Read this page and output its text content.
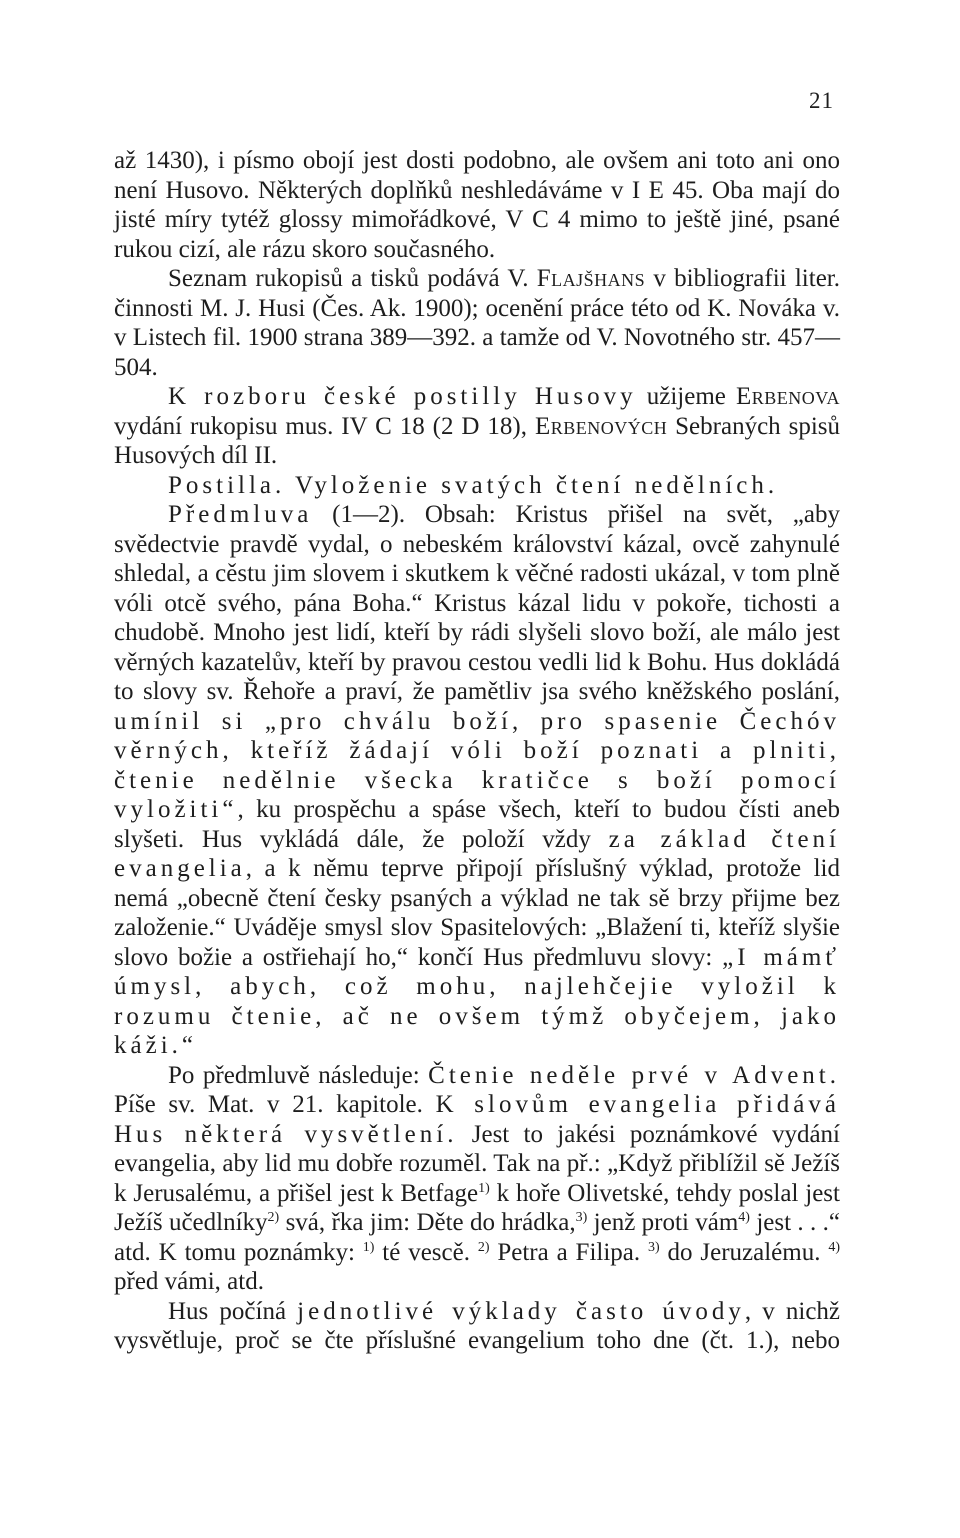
21

až 1430), i písmo obojí jest dosti podobno, ale ovšem ani toto ani ono není Husovo. Některých doplňků neshledáváme v I E 45. Oba mají do jisté míry tytéž glossy mimořádkové, V C 4 mimo to ještě jiné, psané rukou cizí, ale rázu skoro současného.

Seznam rukopisů a tisků podává V. Flajšhans v bibliografii liter. činnosti M. J. Husi (Čes. Ak. 1900); ocenění práce této od K. Nováka v. v Listech fil. 1900 strana 389—392. a tamže od V. Novotného str. 457—504.

K rozboru české postilly Husovy užijeme Erbenova vydání rukopisu mus. IV C 18 (2 D 18), Erbenových Sebraných spisů Husových díl II.

Postilla. Vyloženie svatých čtení nedělních.

Předmluva (1—2). Obsah: Kristus přišel na svět, „aby svědectvie pravdě vydal, o nebeském království kázal, ovcě zahynulé shledal, a cěstu jim slovem i skutkem k věčné radosti ukázal, v tom plně vóli otcě svého, pána Boha.“ Kristus kázal lidu v pokoře, tichosti a chudobě. Mnoho jest lidí, kteří by rádi slyšeli slovo boží, ale málo jest věrných kazatelův, kteří by pravou cestou vedli lid k Bohu. Hus dokládá to slovy sv. Řehoře a praví, že pamětliv jsa svého kněžského poslání, umínil si „pro chválu boží, pro spasenie Čechóv věrných, kteříž žádají vóli boží poznati a plniti, čtenie nedělnie všecka kratičce s boží pomocí vyložiti“, ku prospěchu a spáse všech, kteří to budou čísti aneb slyšeti. Hus vykládá dále, že položí vždy za základ čtení evangelia, a k němu teprve připojí příslušný výklad, protože lid nemá „obecně čtení česky psaných a výklad ne tak sě brzy přijme bez založenie.“ Uváděje smysl slov Spasitelových: „Blažení ti, kteříž slyšie slovo božie a ostřiehají ho,“ končí Hus předmluvu slovy: „I mámť úmysl, abych, což mohu, najlehčejie vyložil k rozumu čtenie, ač ne ovšem týmž obyčejem, jako káži.“

Po předmluvě následuje: Čtenie neděle prvé v Advent. Píše sv. Mat. v 21. kapitole. K slovům evangelia přidává Hus některá vysvětlení. Jest to jakési poznámkové vydání evangelia, aby lid mu dobře rozuměl. Tak na př.: „Když přiblížil sě Ježíš k Jerusalému, a přišel jest k Betfage$^{1)}$ k hoře Olivetské, tehdy poslal jest Ježíš učedlníky$^{2)}$ svá, řka jim: Děte do hrádka,$^{3)}$ jenž proti vám$^{4)}$ jest . . .“ atd. K tomu poznámky: $^{1)}$ té vescě. $^{2)}$ Petra a Filipa. $^{3)}$ do Jeruzalému. $^{4)}$ před vámi, atd.

Hus počíná jednotlivé výklady často úvody, v nichž vysvětluje, proč se čte příslušné evangelium toho dne (čt. 1.), nebo
